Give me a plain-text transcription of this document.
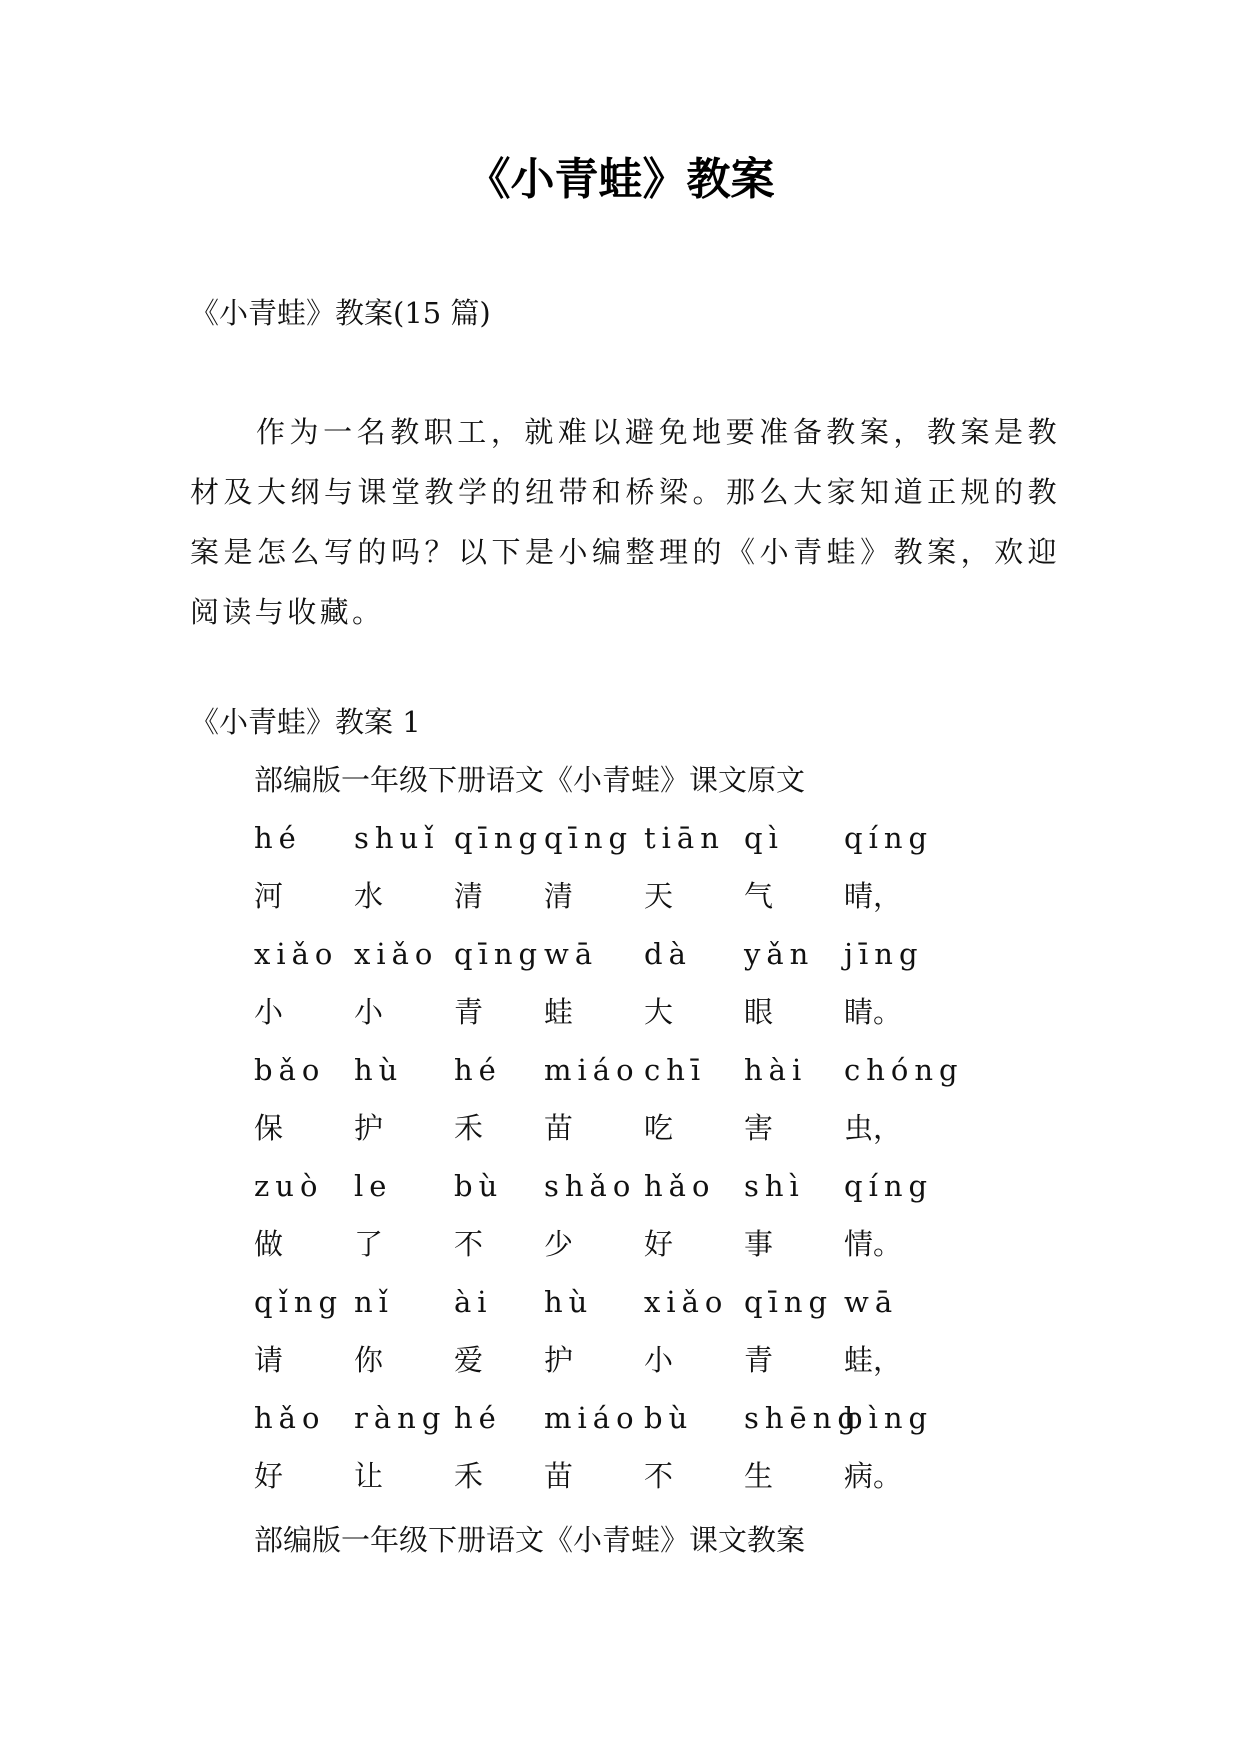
《小青蛙》教案
《小青蛙》教案(15 篇)
作为一名教职工，就难以避免地要准备教案，教案是教材及大纲与课堂教学的纽带和桥梁。那么大家知道正规的教案是怎么写的吗？以下是小编整理的《小青蛙》教案，欢迎阅读与收藏。
《小青蛙》教案 1
部编版一年级下册语文《小青蛙》课文原文
hé shuǐ qīng qīng tiān qì qíng
河 水 清 清 天 气 晴，
xiǎo xiǎo qīng wā dà yǎn jīng
小 小 青 蛙 大 眼 睛。
bǎo hù hé miáo chī hài chóng
保 护 禾 苗 吃 害 虫，
zuò le bù shǎo hǎo shì qíng
做 了 不 少 好 事 情。
qǐng nǐ ài hù xiǎo qīng wā
请 你 爱 护 小 青 蛙，
hǎo ràng hé miáo bù shēng
bìng
好 让 禾 苗 不 生 病。
部编版一年级下册语文《小青蛙》课文教案
